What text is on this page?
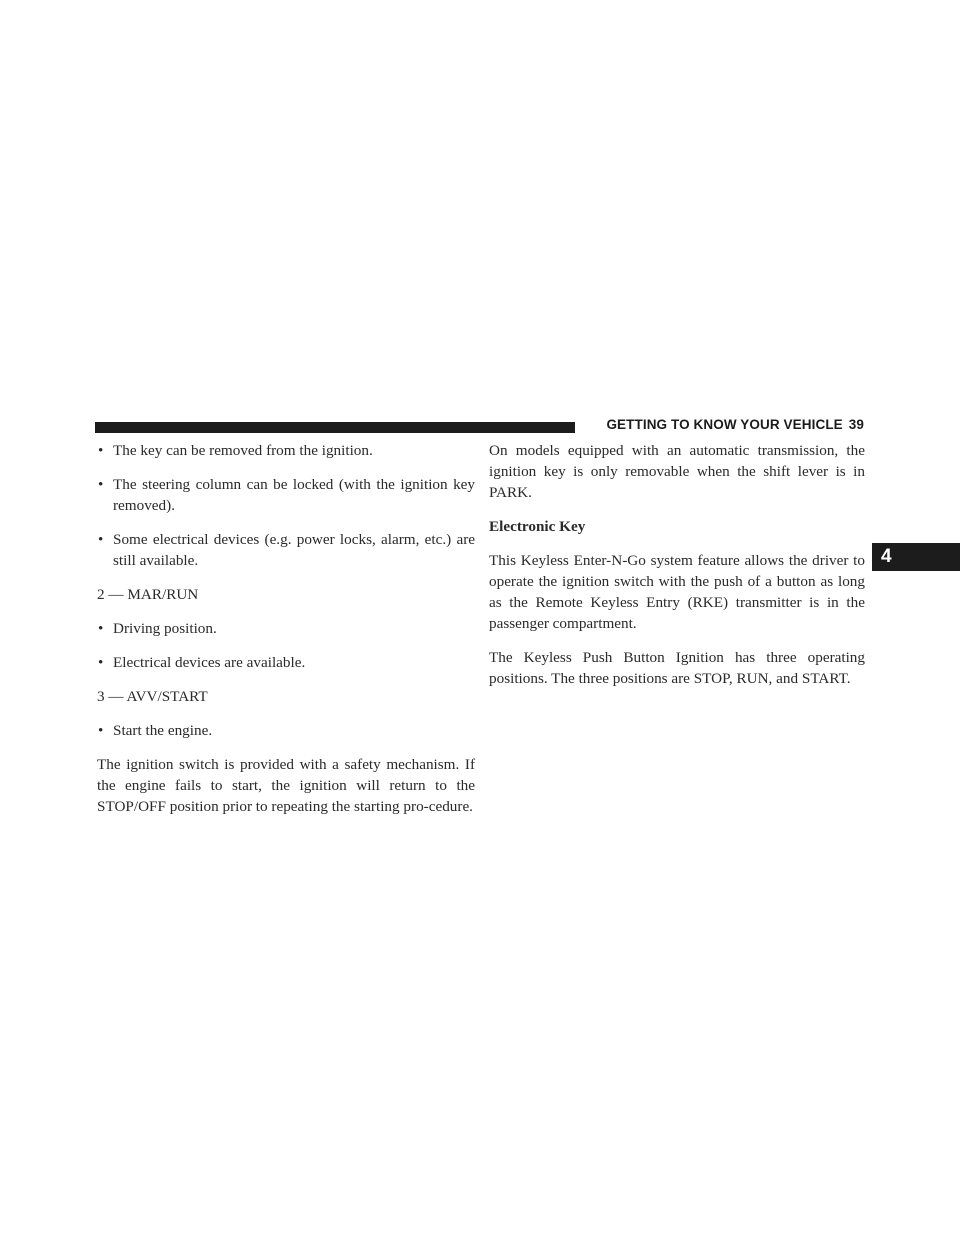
GETTING TO KNOW YOUR VEHICLE 39
4
• The key can be removed from the ignition.
• The steering column can be locked (with the ignition key removed).
• Some electrical devices (e.g. power locks, alarm, etc.) are still available.

2 — MAR/RUN

• Driving position.
• Electrical devices are available.

3 — AVV/START

• Start the engine.

The ignition switch is provided with a safety mechanism. If the engine fails to start, the ignition will return to the STOP/OFF position prior to repeating the starting pro-cedure.

On models equipped with an automatic transmission, the ignition key is only removable when the shift lever is in PARK.

Electronic Key

This Keyless Enter-N-Go system feature allows the driver to operate the ignition switch with the push of a button as long as the Remote Keyless Entry (RKE) transmitter is in the passenger compartment.

The Keyless Push Button Ignition has three operating positions. The three positions are STOP, RUN, and START.
